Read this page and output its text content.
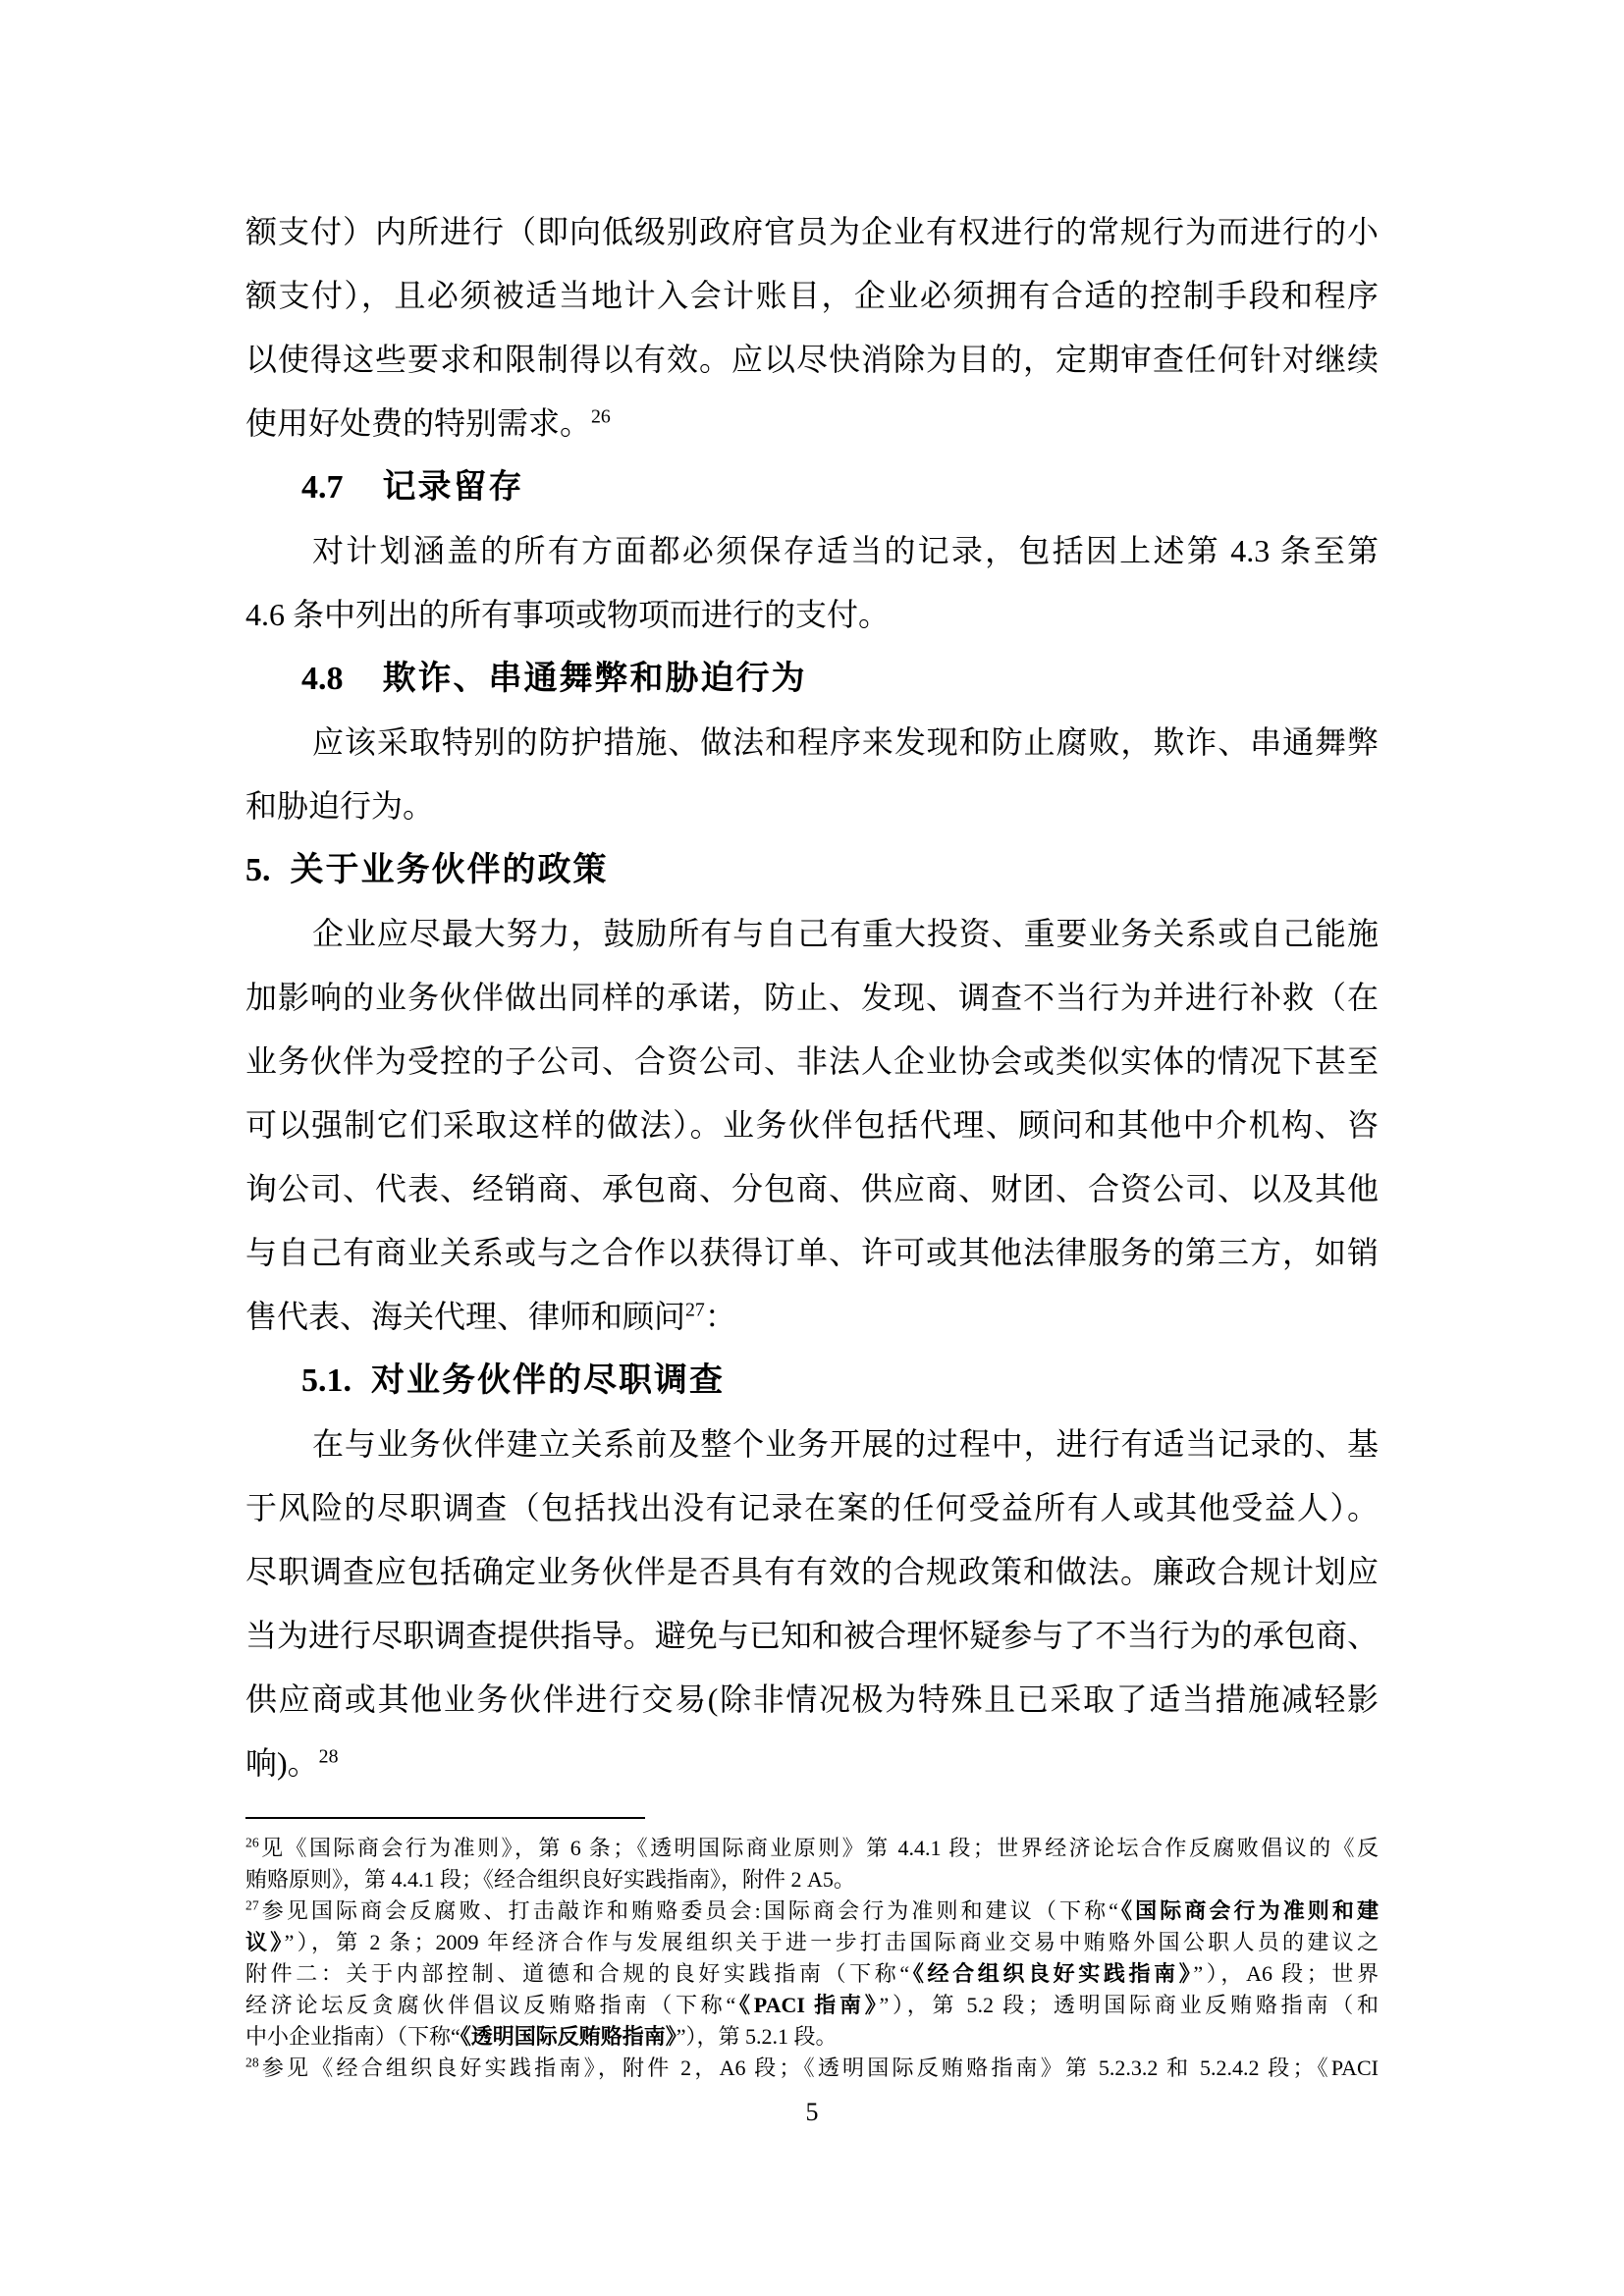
额支付）内所进行（即向低级别政府官员为企业有权进行的常规行为而进行的小
额支付），且必须被适当地计入会计账目，企业必须拥有合适的控制手段和程序
以使得这些要求和限制得以有效。应以尽快消除为目的，定期审查任何针对继续
使用好处费的特别需求。$^{26}$
4.7 记录留存
对计划涵盖的所有方面都必须保存适当的记录，包括因上述第 4.3 条至第
4.6 条中列出的所有事项或物项而进行的支付。
4.8 欺诈、串通舞弊和胁迫行为
应该采取特别的防护措施、做法和程序来发现和防止腐败，欺诈、串通舞弊
和胁迫行为。
5. 关于业务伙伴的政策
企业应尽最大努力，鼓励所有与自己有重大投资、重要业务关系或自己能施
加影响的业务伙伴做出同样的承诺，防止、发现、调查不当行为并进行补救（在
业务伙伴为受控的子公司、合资公司、非法人企业协会或类似实体的情况下甚至
可以强制它们采取这样的做法）。业务伙伴包括代理、顾问和其他中介机构、咨
询公司、代表、经销商、承包商、分包商、供应商、财团、合资公司、以及其他
与自己有商业关系或与之合作以获得订单、许可或其他法律服务的第三方，如销
售代表、海关代理、律师和顾问$^{27}$：
5.1. 对业务伙伴的尽职调查
在与业务伙伴建立关系前及整个业务开展的过程中，进行有适当记录的、基
于风险的尽职调查（包括找出没有记录在案的任何受益所有人或其他受益人）。
尽职调查应包括确定业务伙伴是否具有有效的合规政策和做法。廉政合规计划应
当为进行尽职调查提供指导。避免与已知和被合理怀疑参与了不当行为的承包商、
供应商或其他业务伙伴进行交易(除非情况极为特殊且已采取了适当措施减轻影
响)。$^{28}$
$^{26}$见《国际商会行为准则》，第 6 条；《透明国际商业原则》第 4.4.1 段；世界经济论坛合作反腐败倡议的《反
贿赂原则》，第 4.4.1 段；《经合组织良好实践指南》，附件 2 A5。
$^{27}$参见国际商会反腐败、打击敲诈和贿赂委员会:国际商会行为准则和建议（下称“《国际商会行为准则和建
议》”），第 2 条；2009 年经济合作与发展组织关于进一步打击国际商业交易中贿赂外国公职人员的建议之
附件二：关于内部控制、道德和合规的良好实践指南（下称“《经合组织良好实践指南》”），A6 段；世界
经济论坛反贪腐伙伴倡议反贿赂指南（下称“《PACI 指南》”），第 5.2 段；透明国际商业反贿赂指南（和
中小企业指南）（下称“《透明国际反贿赂指南》”），第 5.2.1 段。
$^{28}$参见《经合组织良好实践指南》，附件 2，A6 段；《透明国际反贿赂指南》第 5.2.3.2 和 5.2.4.2 段；《PACI
5
